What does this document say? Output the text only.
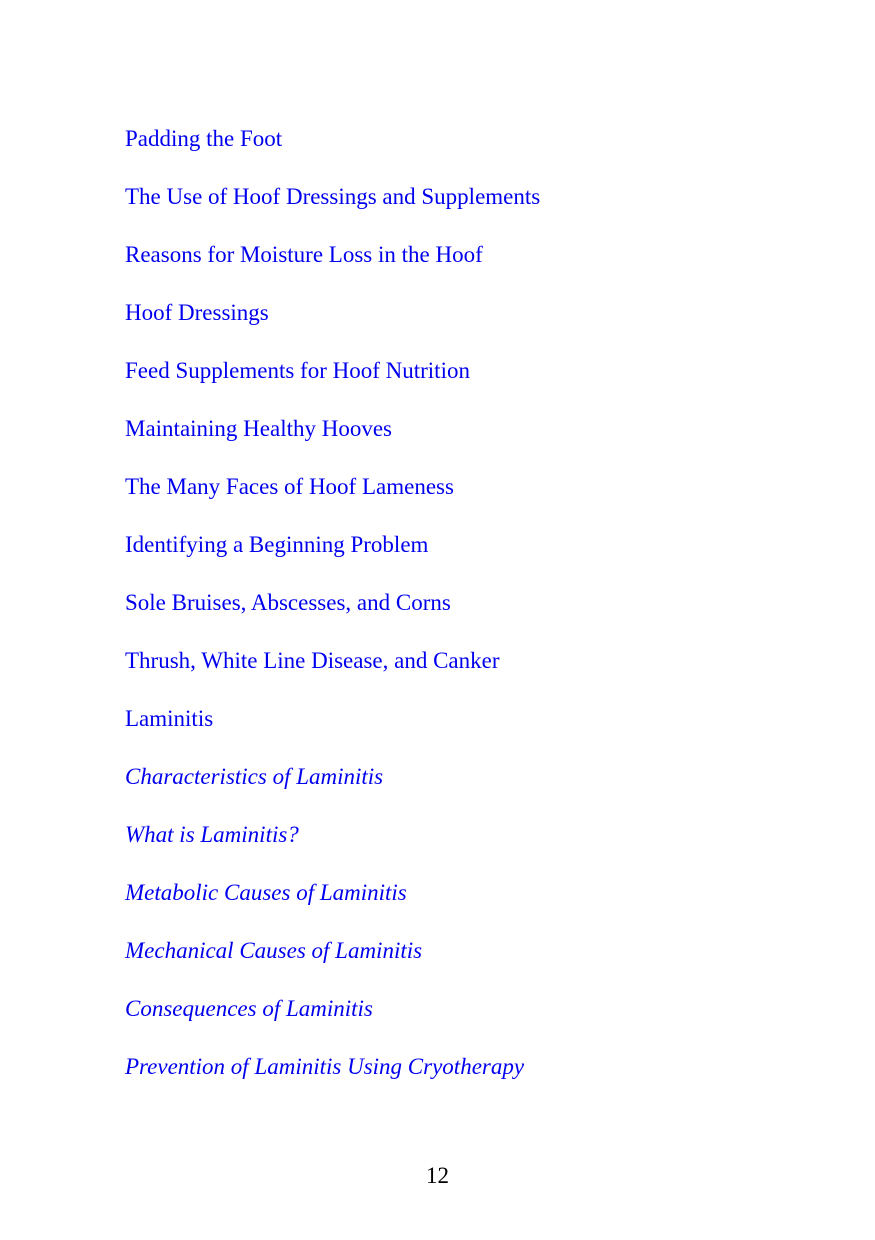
Padding the Foot
The Use of Hoof Dressings and Supplements
Reasons for Moisture Loss in the Hoof
Hoof Dressings
Feed Supplements for Hoof Nutrition
Maintaining Healthy Hooves
The Many Faces of Hoof Lameness
Identifying a Beginning Problem
Sole Bruises, Abscesses, and Corns
Thrush, White Line Disease, and Canker
Laminitis
Characteristics of Laminitis
What is Laminitis?
Metabolic Causes of Laminitis
Mechanical Causes of Laminitis
Consequences of Laminitis
Prevention of Laminitis Using Cryotherapy
12
